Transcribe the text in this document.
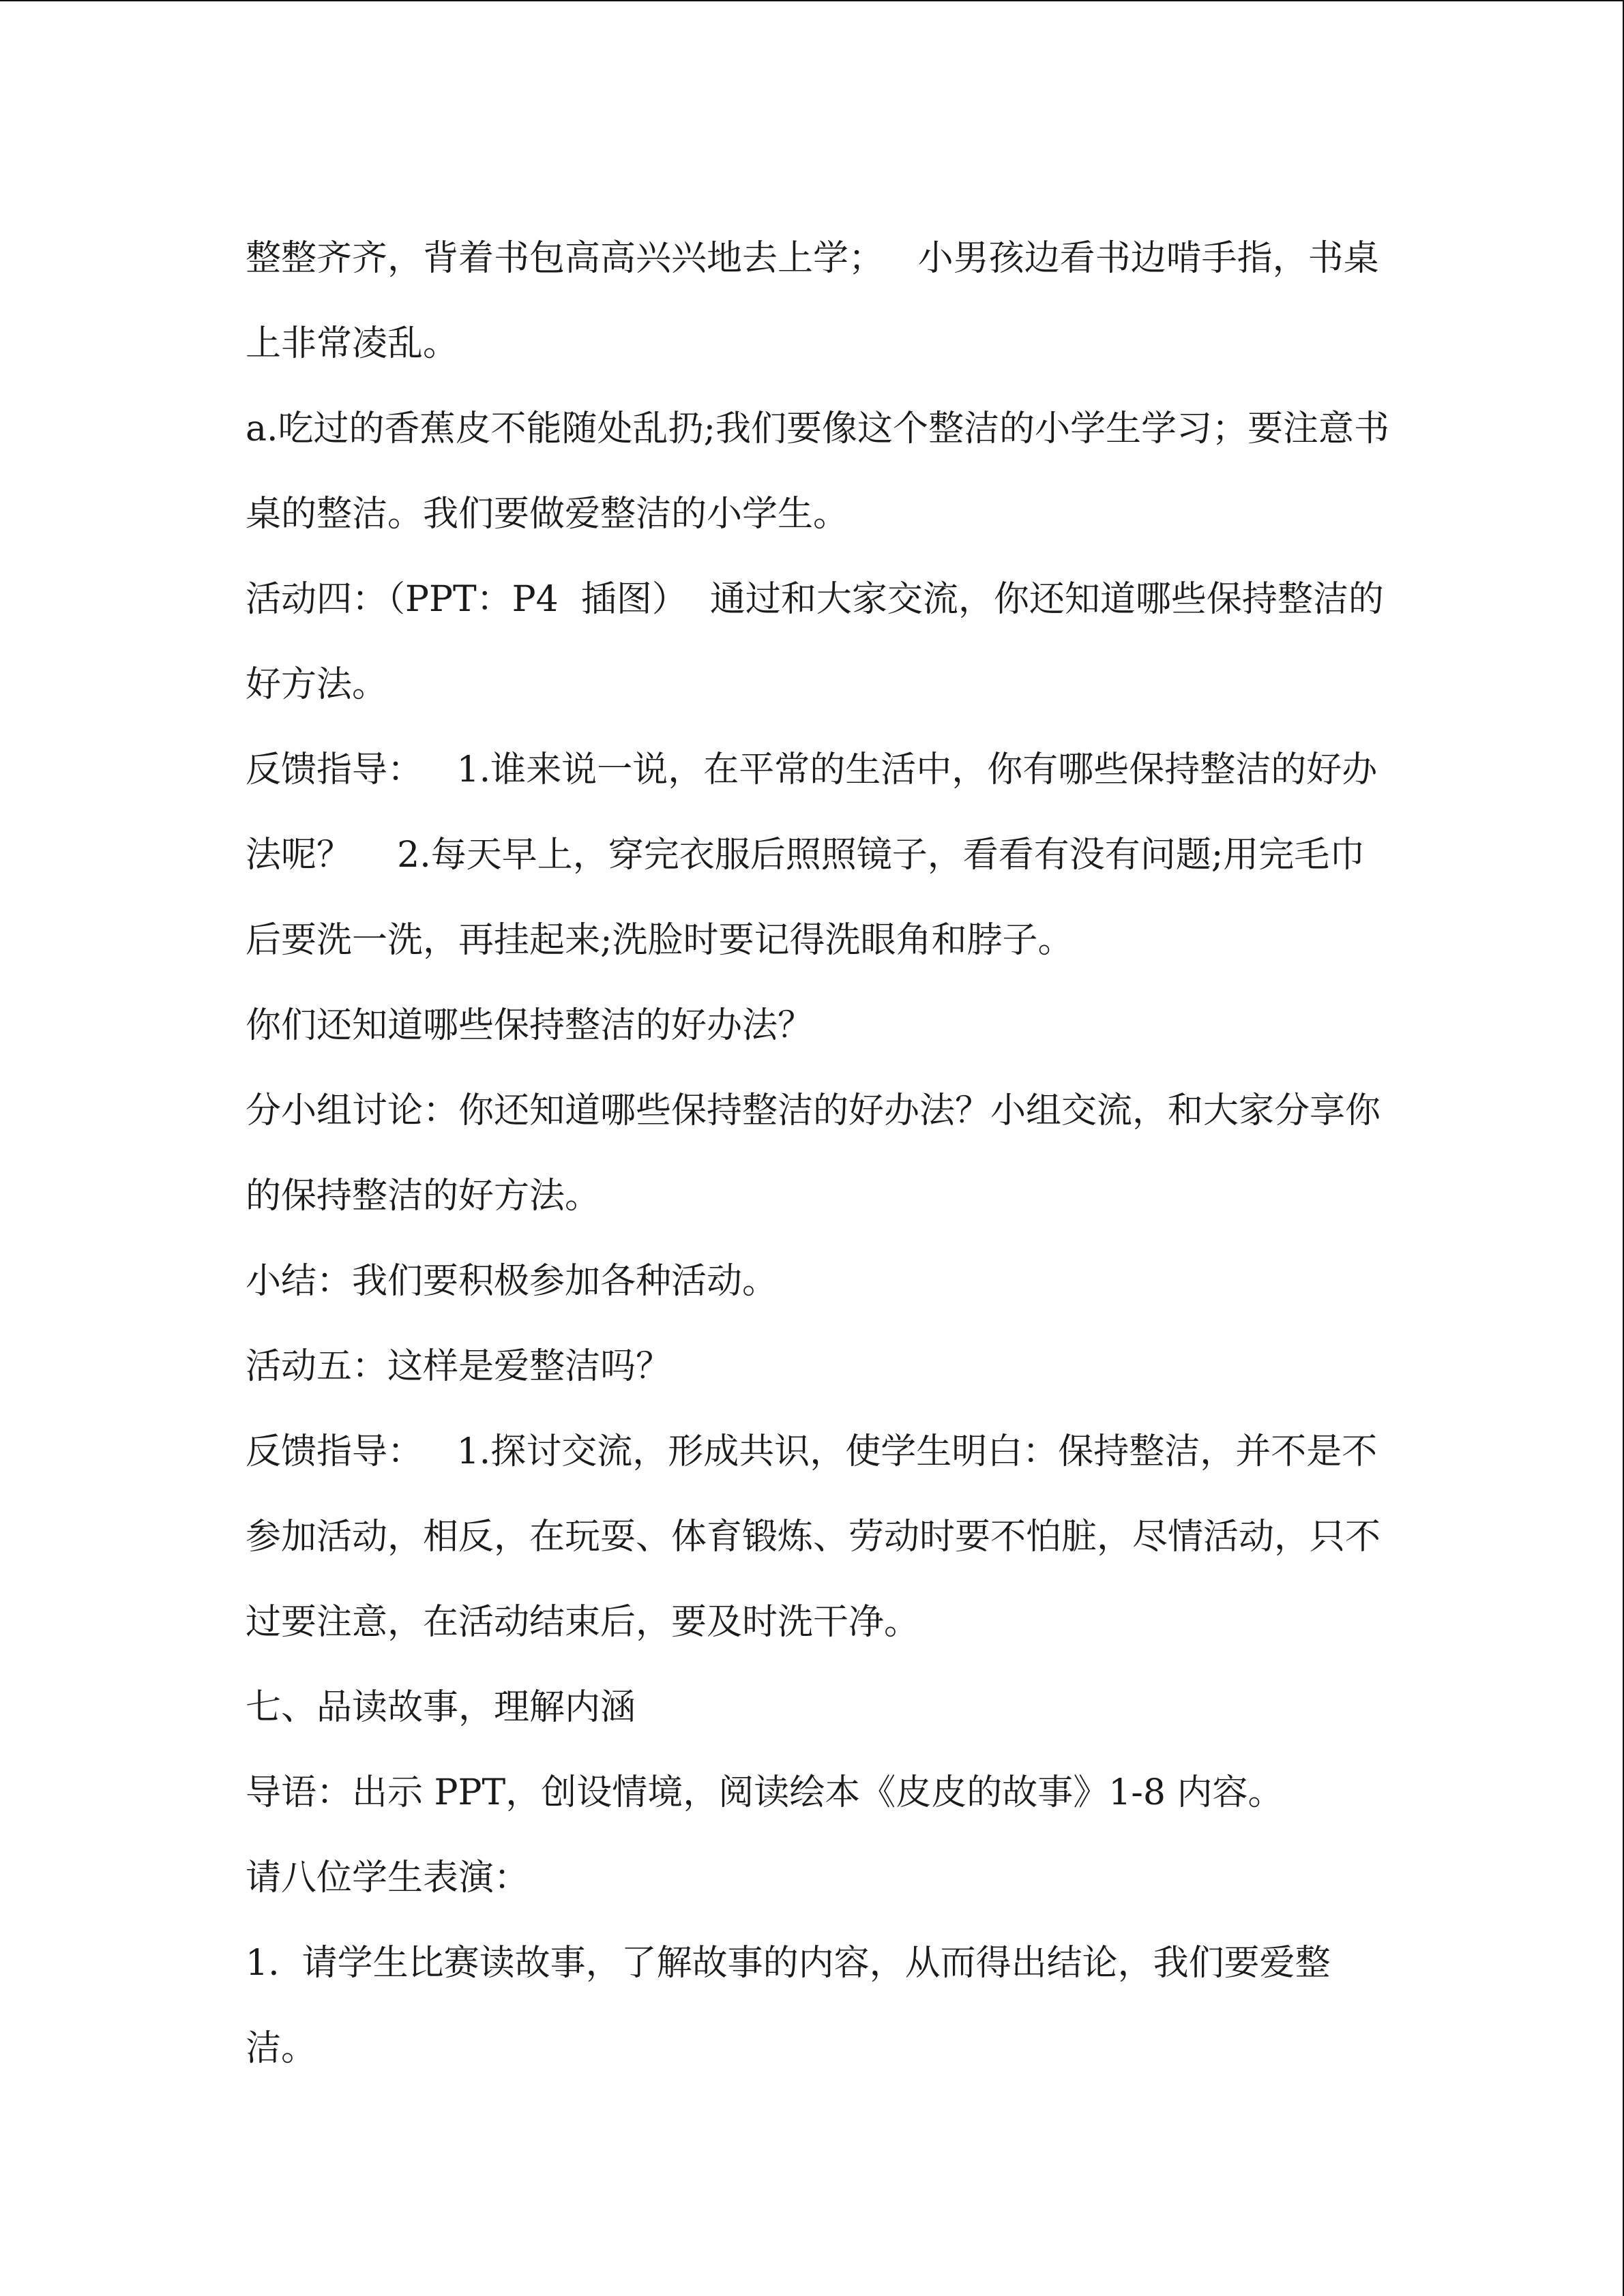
整整齐齐，背着书包高高兴兴地去上学；   小男孩边看书边啃手指，书桌上非常凌乱。

a.吃过的香蕉皮不能随处乱扔;我们要像这个整洁的小学生学习；要注意书桌的整洁。我们要做爱整洁的小学生。

活动四：（PPT：P4  插图）  通过和大家交流，你还知道哪些保持整洁的好方法。

反馈指导：   1.谁来说一说，在平常的生活中，你有哪些保持整洁的好办法呢？    2.每天早上，穿完衣服后照照镜子，看看有没有问题;用完毛巾后要洗一洗，再挂起来;洗脸时要记得洗眼角和脖子。

你们还知道哪些保持整洁的好办法？

分小组讨论：你还知道哪些保持整洁的好办法？小组交流，和大家分享你的保持整洁的好方法。

小结：我们要积极参加各种活动。

活动五：这样是爱整洁吗？

反馈指导：   1.探讨交流，形成共识，使学生明白：保持整洁，并不是不参加活动，相反，在玩耍、体育锻炼、劳动时要不怕脏，尽情活动，只不过要注意，在活动结束后，要及时洗干净。

七、品读故事，理解内涵

导语：出示 PPT，创设情境，阅读绘本《皮皮的故事》1-8 内容。

请八位学生表演：

1.  请学生比赛读故事，了解故事的内容，从而得出结论，我们要爱整洁。
